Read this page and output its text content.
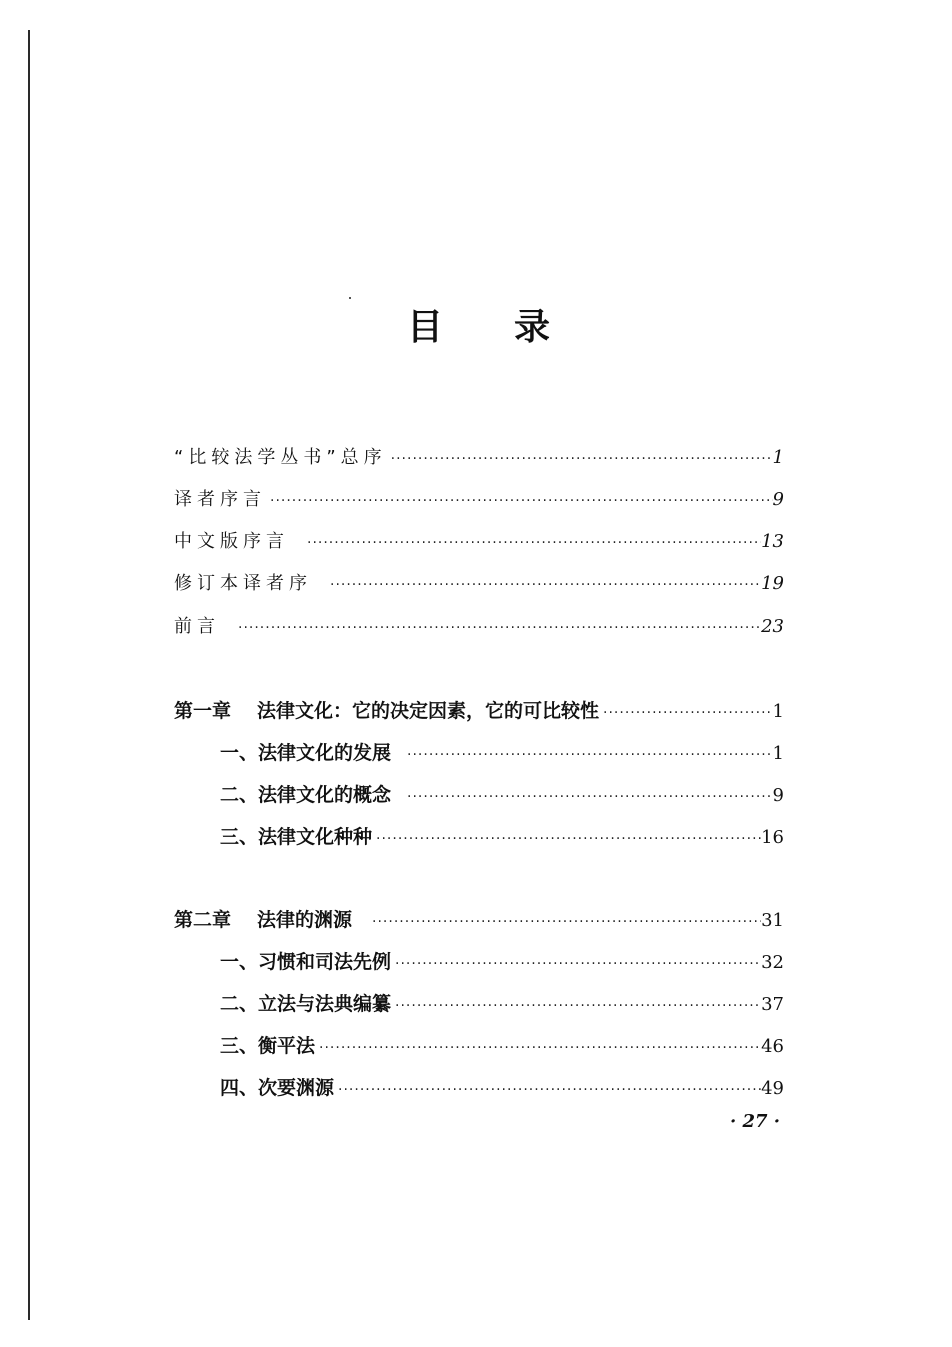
目 录
“比较法学丛书”总序 ·····	1
译者序言 ·····	9
中文版序言 ·····	13
修订本译者序 ·····	19
前言 ·····	23
第一章 法律文化：它的决定因素，它的可比较性 ·····	1
一、法律文化的发展 ·····	1
二、法律文化的概念 ·····	9
三、法律文化种种 ·····	16
第二章 法律的渊源 ·····	31
一、习惯和司法先例 ·····	32
二、立法与法典编纂 ·····	37
三、衡平法 ·····	46
四、次要渊源 ·····	49
· 27 ·
